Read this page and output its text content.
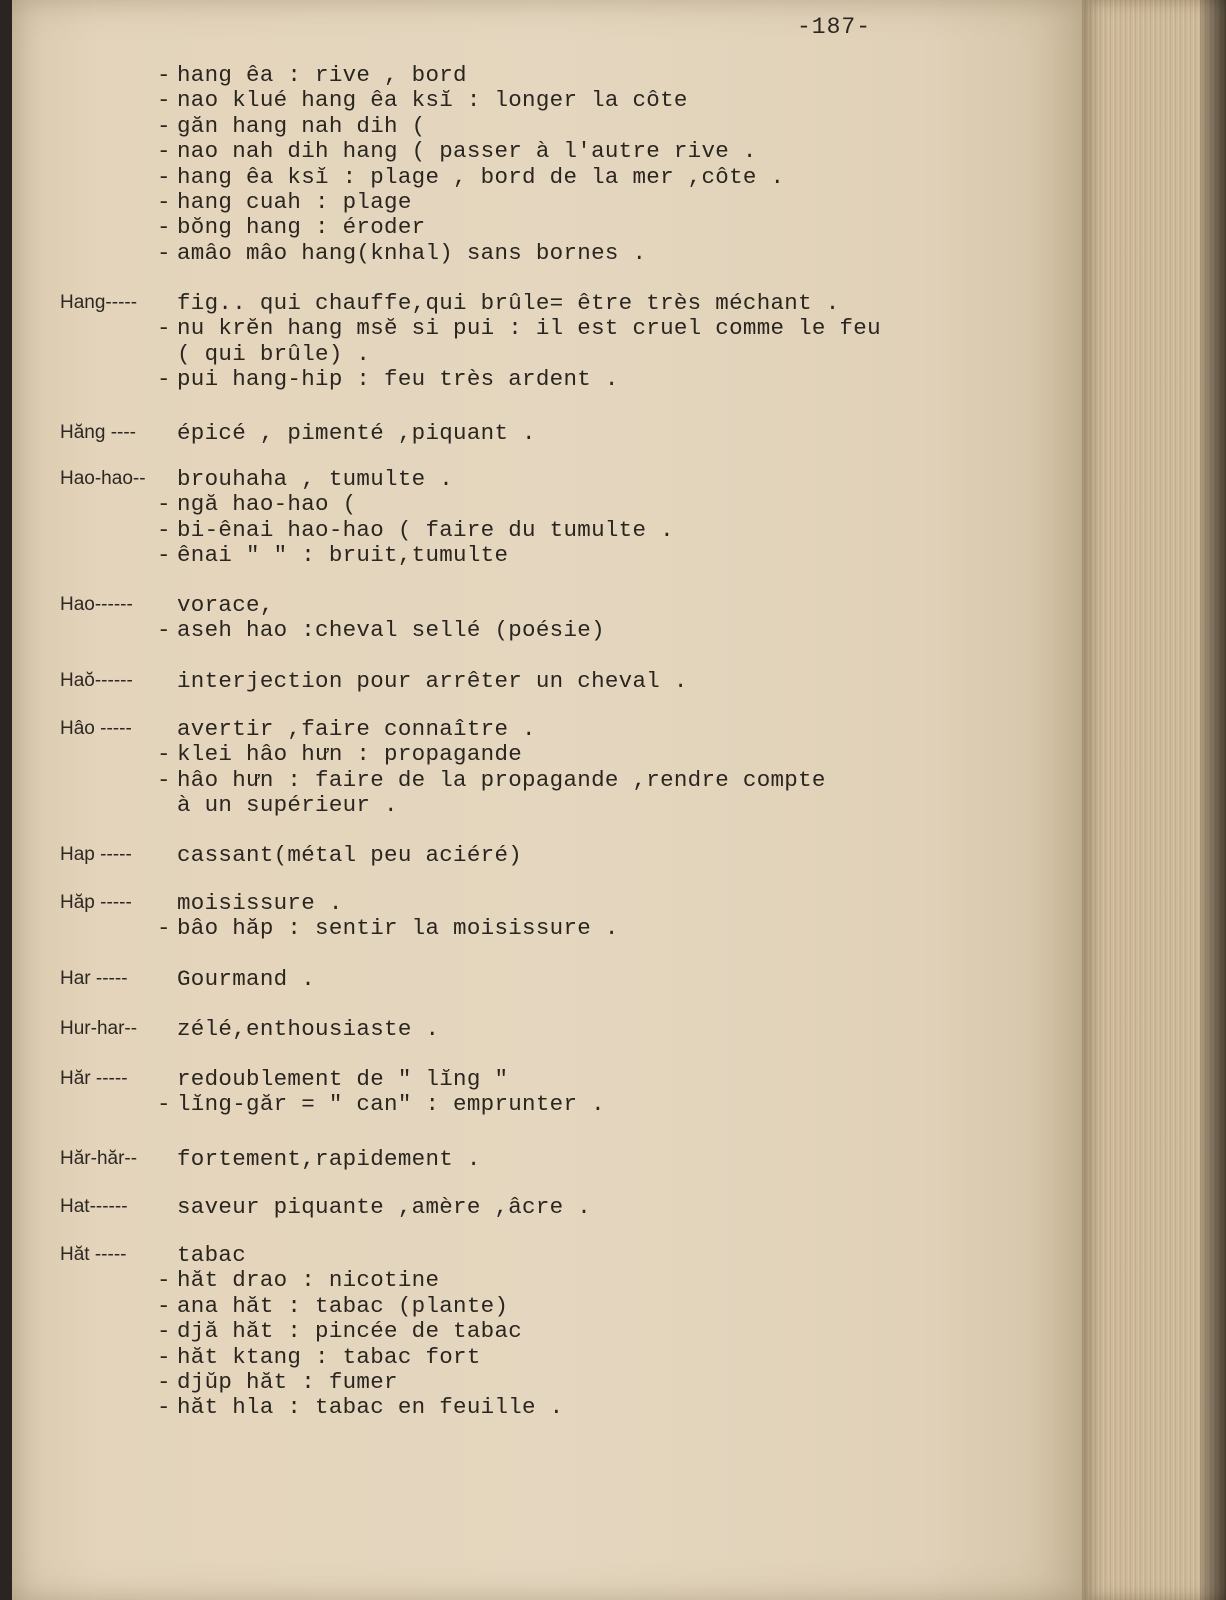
-187-
- hang êa : rive , bord
- nao klué hang êa ksĭ : longer la côte
- găn hang nah dih (
- nao nah dih hang ( passer à l'autre rive .
- hang êa ksĭ : plage , bord de la mer ,côte .
- hang cuah : plage
- bŏng hang : éroder
- amâo mâo hang(knhal) sans bornes .
Hang----- fig.. qui chauffe,qui brûle= être très méchant .
- nu krĕn hang msĕ si pui : il est cruel comme le feu
( qui brûle) .
- pui hang-hip : feu très ardent .
Hăng ---- épicé , pimenté ,piquant .
Hao-hao-- brouhaha , tumulte .
- ngă hao-hao (
- bi-ênai hao-hao ( faire du tumulte .
- ênai " " : bruit,tumulte
Hao------ vorace,
- aseh hao :cheval sellé (poésie)
Haŏ------ interjection pour arrêter un cheval .
Hâo ----- avertir ,faire connaître .
- klei hâo hưn : propagande
- hâo hưn : faire de la propagande ,rendre compte
à un supérieur .
Hap ----- cassant(métal peu aciéré)
Hăp ----- moisissure .
- bâo hăp : sentir la moisissure .
Har ----- Gourmand .
Hur-har-- zélé,enthousiaste .
Hăr ----- redoublement de " lĭng "
- lĭng-găr = " can" : emprunter .
Hăr-hăr-- fortement,rapidement .
Hat------ saveur piquante ,amère ,âcre .
Hăt ----- tabac
- hăt drao : nicotine
- ana hăt : tabac (plante)
- djă hăt : pincée de tabac
- hăt ktang : tabac fort
- djŭp hăt : fumer
- hăt hla : tabac en feuille .
